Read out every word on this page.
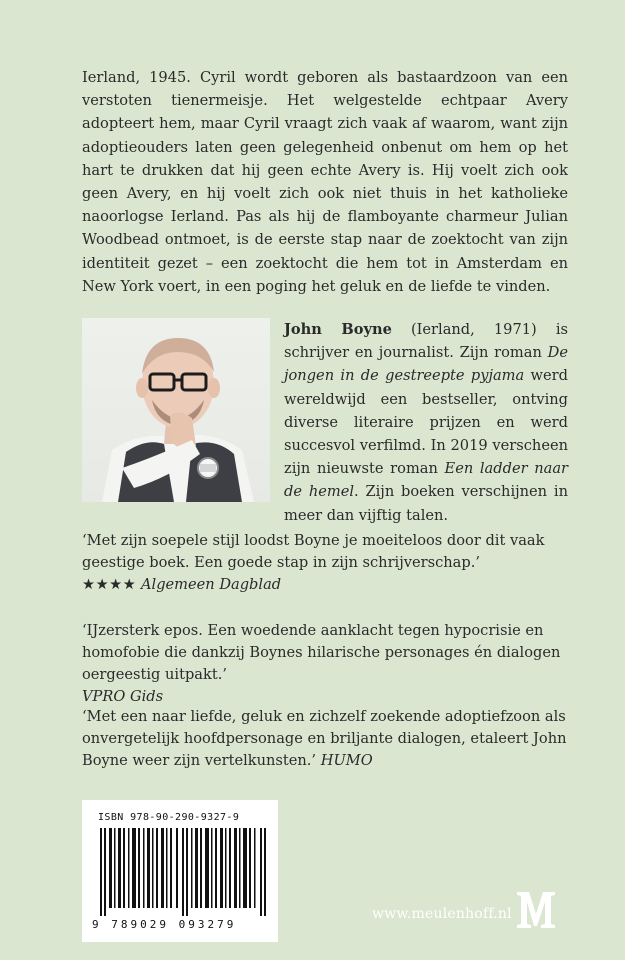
Ierland, 1945. Cyril wordt geboren als bastaardzoon van een verstoten tienermeisje. Het welgestelde echtpaar Avery adopteert hem, maar Cyril vraagt zich vaak af waarom, want zijn adoptieouders laten geen gelegenheid onbenut om hem op het hart te drukken dat hij geen echte Avery is. Hij voelt zich ook geen Avery, en hij voelt zich ook niet thuis in het katholieke naoorlogse Ierland. Pas als hij de flamboyante charmeur Julian Woodbead ontmoet, is de eerste stap naar de zoektocht van zijn identiteit gezet – een zoektocht die hem tot in Amsterdam en New York voert, in een poging het geluk en de liefde te vinden.

John Boyne (Ierland, 1971) is schrijver en journalist. Zijn roman De jongen in de gestreepte pyjama werd wereldwijd een bestseller, ontving diverse literaire prijzen en werd succesvol verfilmd. In 2019 verscheen zijn nieuwste roman Een ladder naar de hemel. Zijn boeken verschijnen in meer dan vijftig talen.

‘Met zijn soepele stijl loodst Boyne je moeiteloos door dit vaak geestige boek. Een goede stap in zijn schrijverschap.’
★★★★ Algemeen Dagblad

‘IJzersterk epos. Een woedende aanklacht tegen hypocrisie en homofobie die dankzij Boynes hilarische personages én dialogen oergeestig uitpakt.’
VPRO Gids

‘Met een naar liefde, geluk en zichzelf zoekende adoptiefzoon als onvergetelijk hoofdpersonage en briljante dialogen, etaleert John Boyne weer zijn vertelkunsten.’ HUMO

ISBN 978-90-290-9327-9
9 789029 093279
www.meulenhoff.nl
